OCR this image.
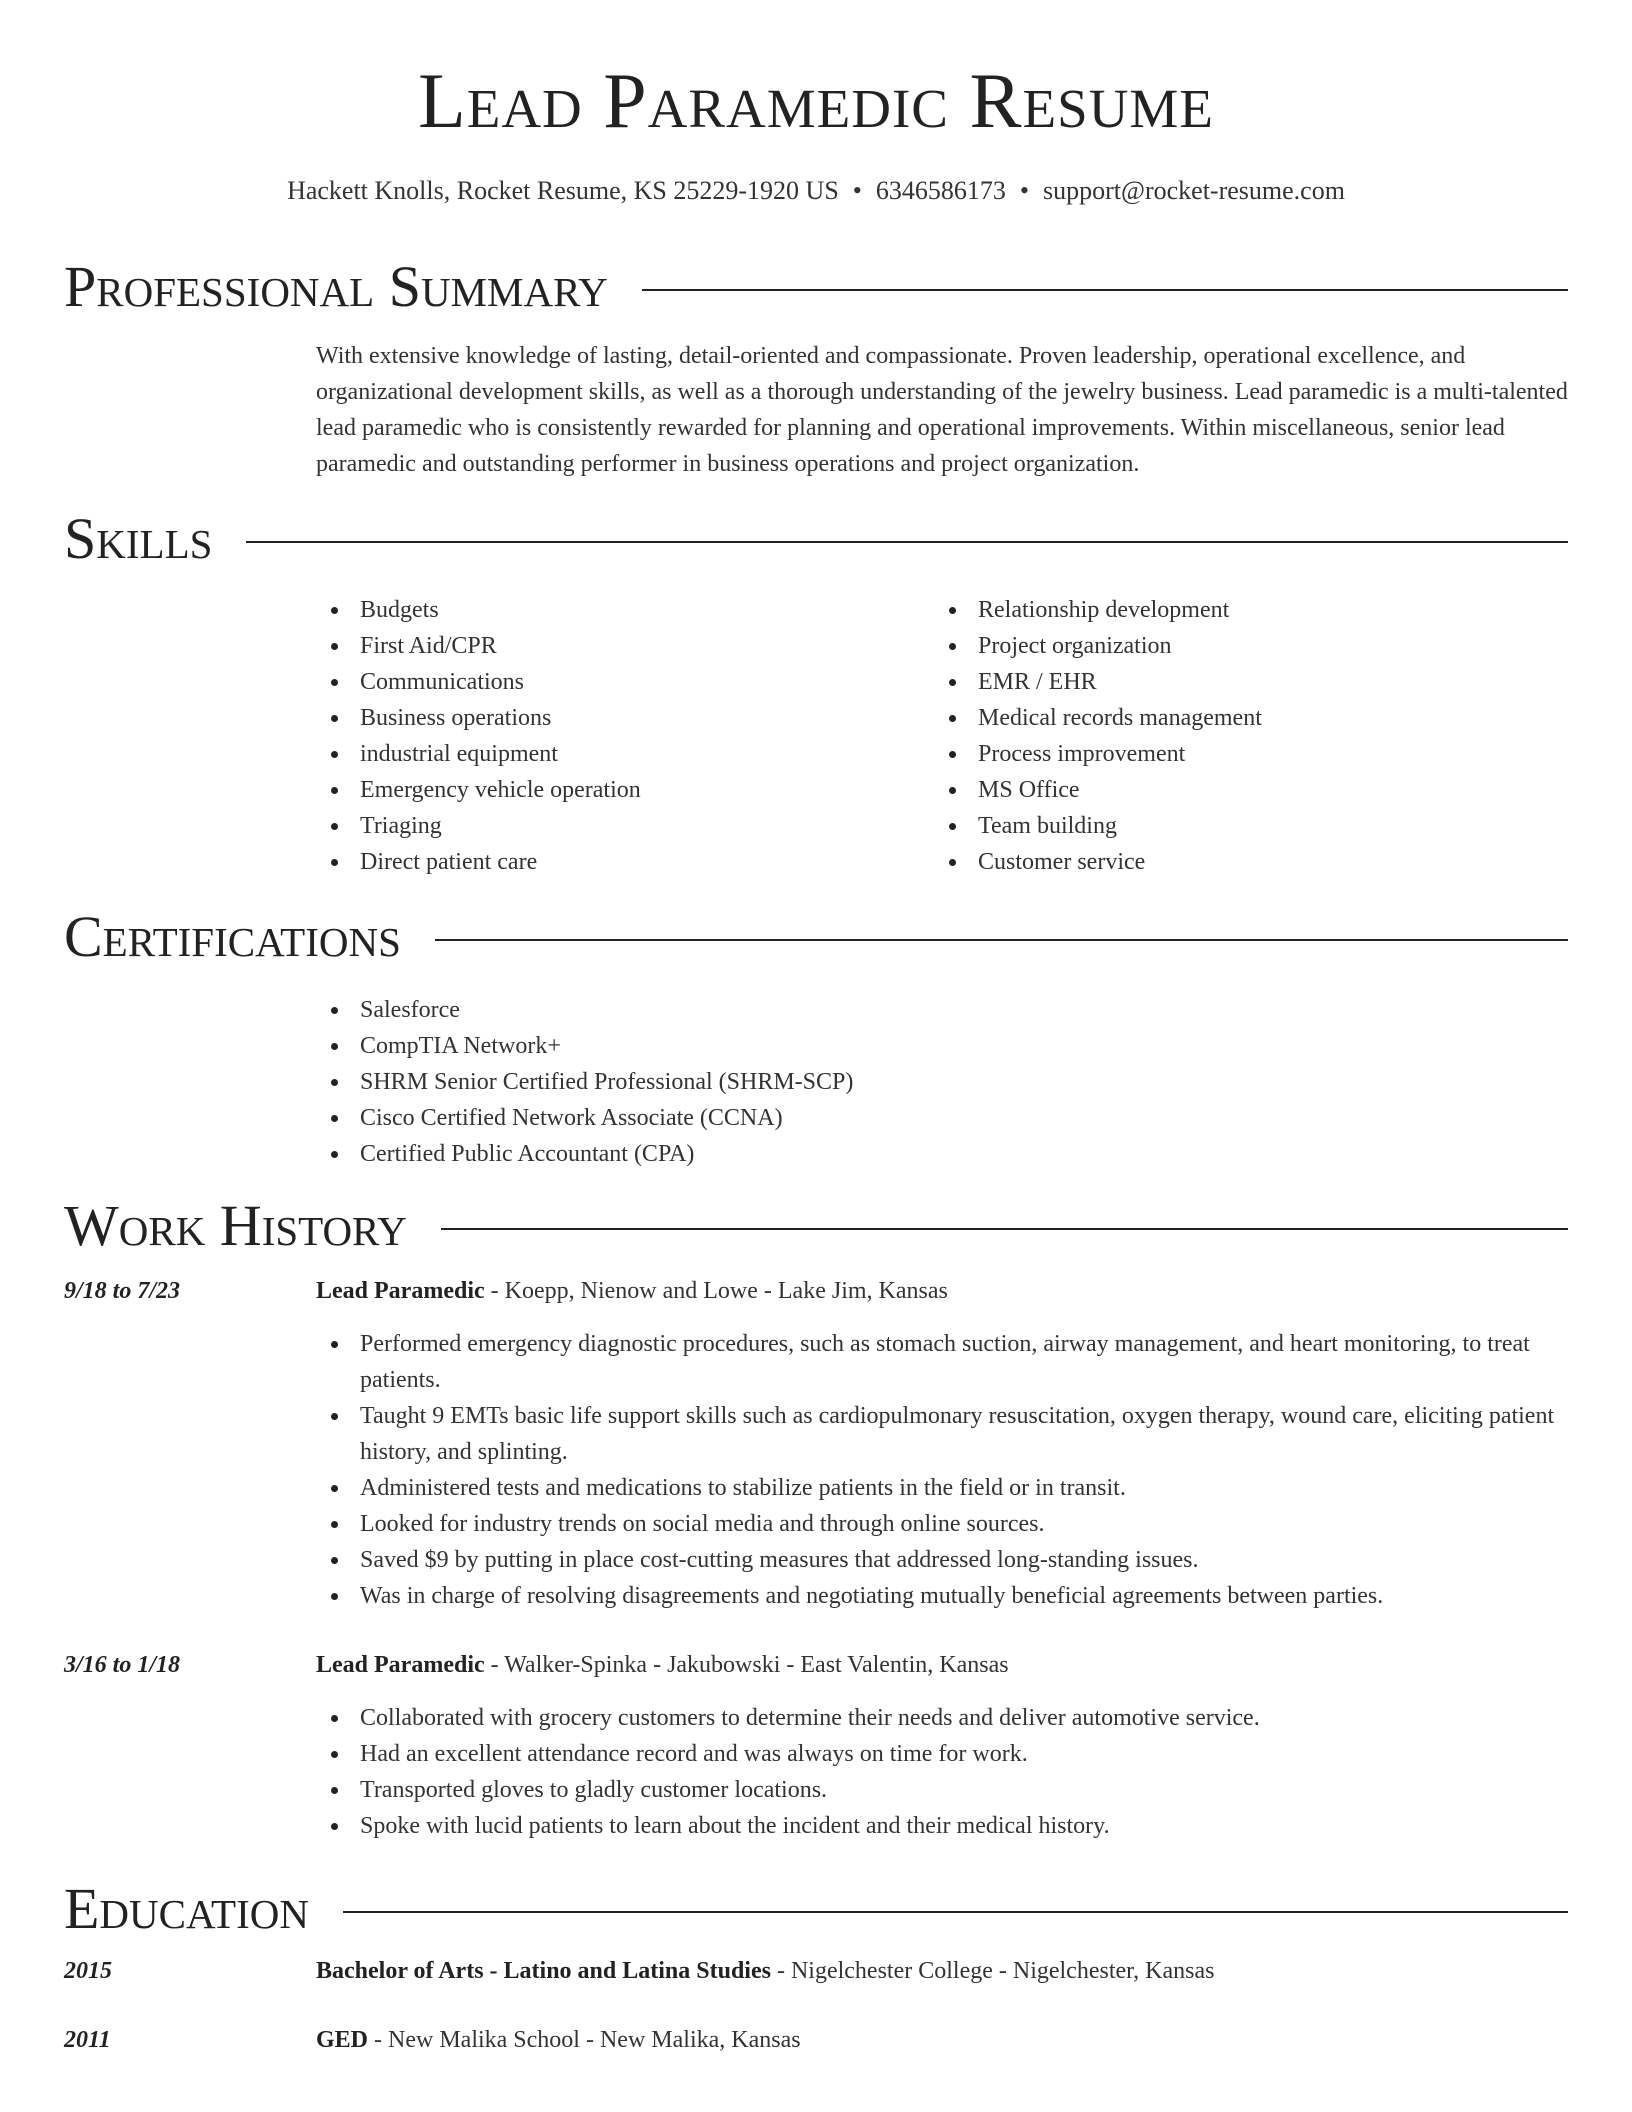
Lead Paramedic Resume
Hackett Knolls, Rocket Resume, KS 25229-1920 US • 6346586173 • support@rocket-resume.com
Professional Summary
With extensive knowledge of lasting, detail-oriented and compassionate. Proven leadership, operational excellence, and organizational development skills, as well as a thorough understanding of the jewelry business. Lead paramedic is a multi-talented lead paramedic who is consistently rewarded for planning and operational improvements. Within miscellaneous, senior lead paramedic and outstanding performer in business operations and project organization.
Skills
Budgets
First Aid/CPR
Communications
Business operations
industrial equipment
Emergency vehicle operation
Triaging
Direct patient care
Relationship development
Project organization
EMR / EHR
Medical records management
Process improvement
MS Office
Team building
Customer service
Certifications
Salesforce
CompTIA Network+
SHRM Senior Certified Professional (SHRM-SCP)
Cisco Certified Network Associate (CCNA)
Certified Public Accountant (CPA)
Work History
9/18 to 7/23	Lead Paramedic - Koepp, Nienow and Lowe - Lake Jim, Kansas
Performed emergency diagnostic procedures, such as stomach suction, airway management, and heart monitoring, to treat patients.
Taught 9 EMTs basic life support skills such as cardiopulmonary resuscitation, oxygen therapy, wound care, eliciting patient history, and splinting.
Administered tests and medications to stabilize patients in the field or in transit.
Looked for industry trends on social media and through online sources.
Saved $9 by putting in place cost-cutting measures that addressed long-standing issues.
Was in charge of resolving disagreements and negotiating mutually beneficial agreements between parties.
3/16 to 1/18	Lead Paramedic - Walker-Spinka - Jakubowski - East Valentin, Kansas
Collaborated with grocery customers to determine their needs and deliver automotive service.
Had an excellent attendance record and was always on time for work.
Transported gloves to gladly customer locations.
Spoke with lucid patients to learn about the incident and their medical history.
Education
2015	Bachelor of Arts - Latino and Latina Studies - Nigelchester College - Nigelchester, Kansas
2011	GED - New Malika School - New Malika, Kansas
